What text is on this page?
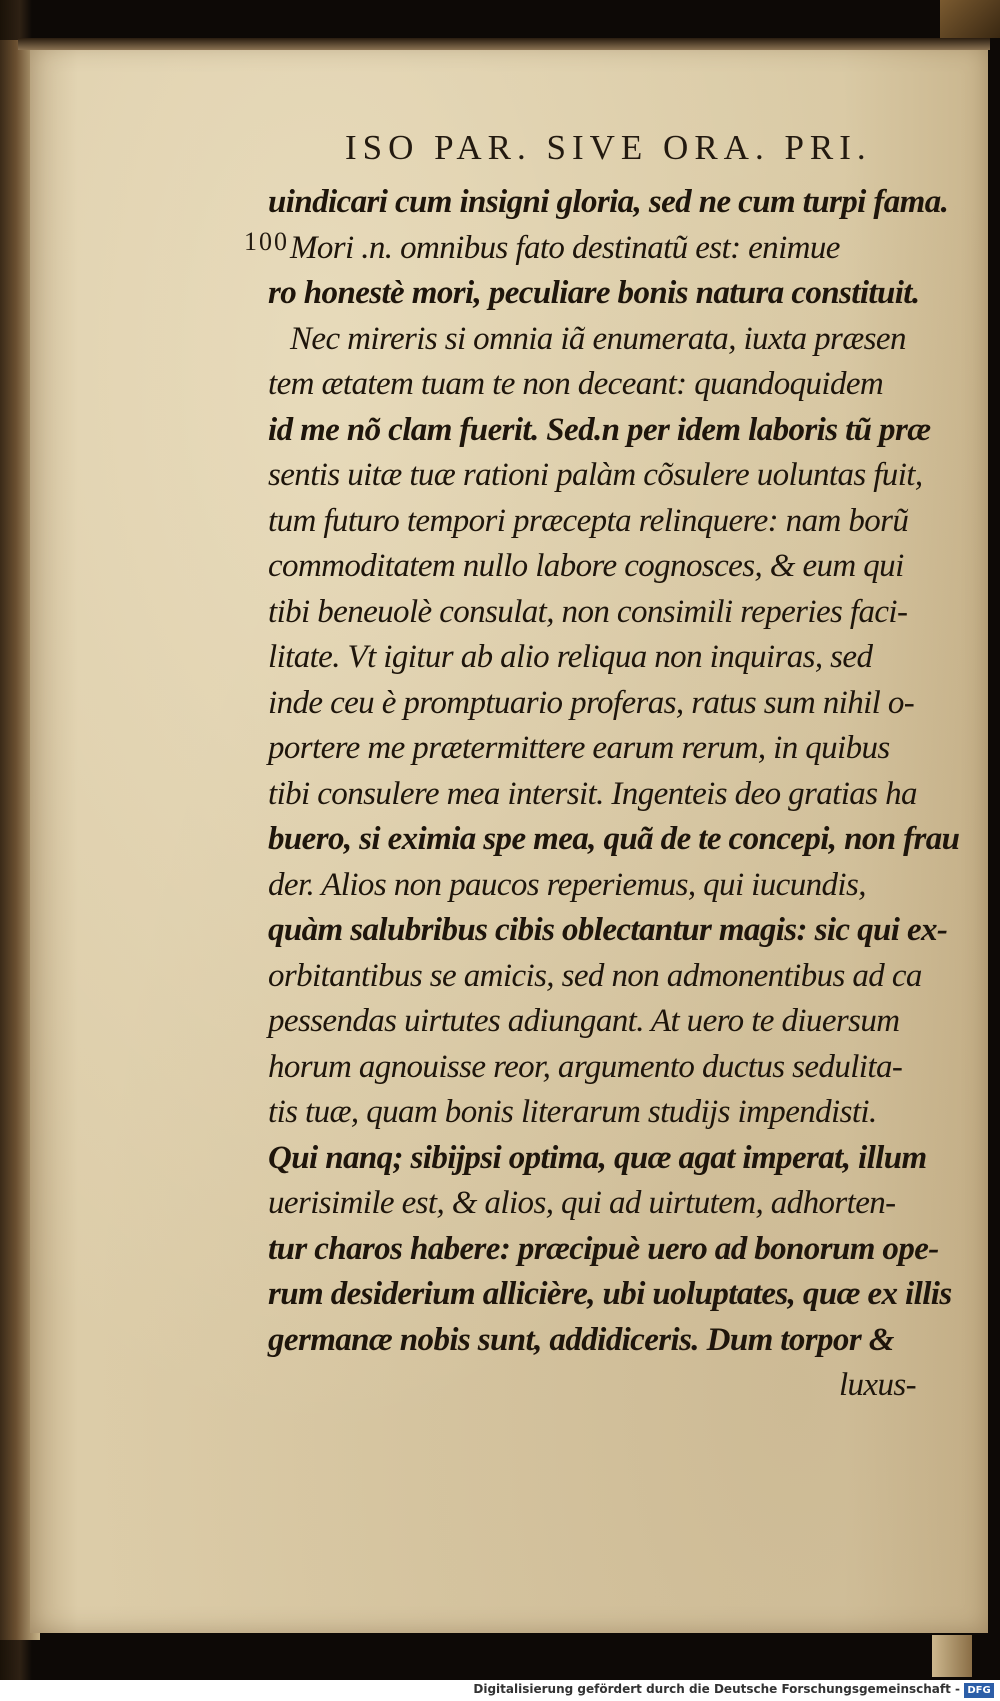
ISO PAR. SIVE ORA. PRI.
100
uindicari cum insigni gloria, sed ne cum turpi fama.
Mori .n. omnibus fato destinatũ est: enimue
ro honestè mori, peculiare bonis natura constituit.
Nec mireris si omnia iã enumerata, iuxta præsen
tem ætatem tuam te non deceant: quandoquidem
id me nõ clam fuerit. Sed.n per idem laboris tũ præ
sentis uitæ tuæ rationi palàm cõsulere uoluntas fuit,
tum futuro tempori præcepta relinquere: nam borũ
commoditatem nullo labore cognosces, & eum qui
tibi beneuolè consulat, non consimili reperies faci-
litate. Vt igitur ab alio reliqua non inquiras, sed
inde ceu è promptuario proferas, ratus sum nihil o-
portere me prætermittere earum rerum, in quibus
tibi consulere mea intersit. Ingenteis deo gratias ha
buero, si eximia spe mea, quã de te concepi, non frau
der. Alios non paucos reperiemus, qui iucundis,
quàm salubribus cibis oblectantur magis: sic qui ex-
orbitantibus se amicis, sed non admonentibus ad ca
pessendas uirtutes adiungant. At uero te diuersum
horum agnouisse reor, argumento ductus sedulita-
tis tuæ, quam bonis literarum studijs impendisti.
Qui nanq; sibijpsi optima, quæ agat imperat, illum
uerisimile est, & alios, qui ad uirtutem, adhorten-
tur charos habere: præcipuè uero ad bonorum ope-
rum desiderium allicière, ubi uoluptates, quæ ex illis
germanæ nobis sunt, addidiceris. Dum torpor &
luxus-
Digitalisierung gefördert durch die Deutsche Forschungsgemeinschaft - DFG
